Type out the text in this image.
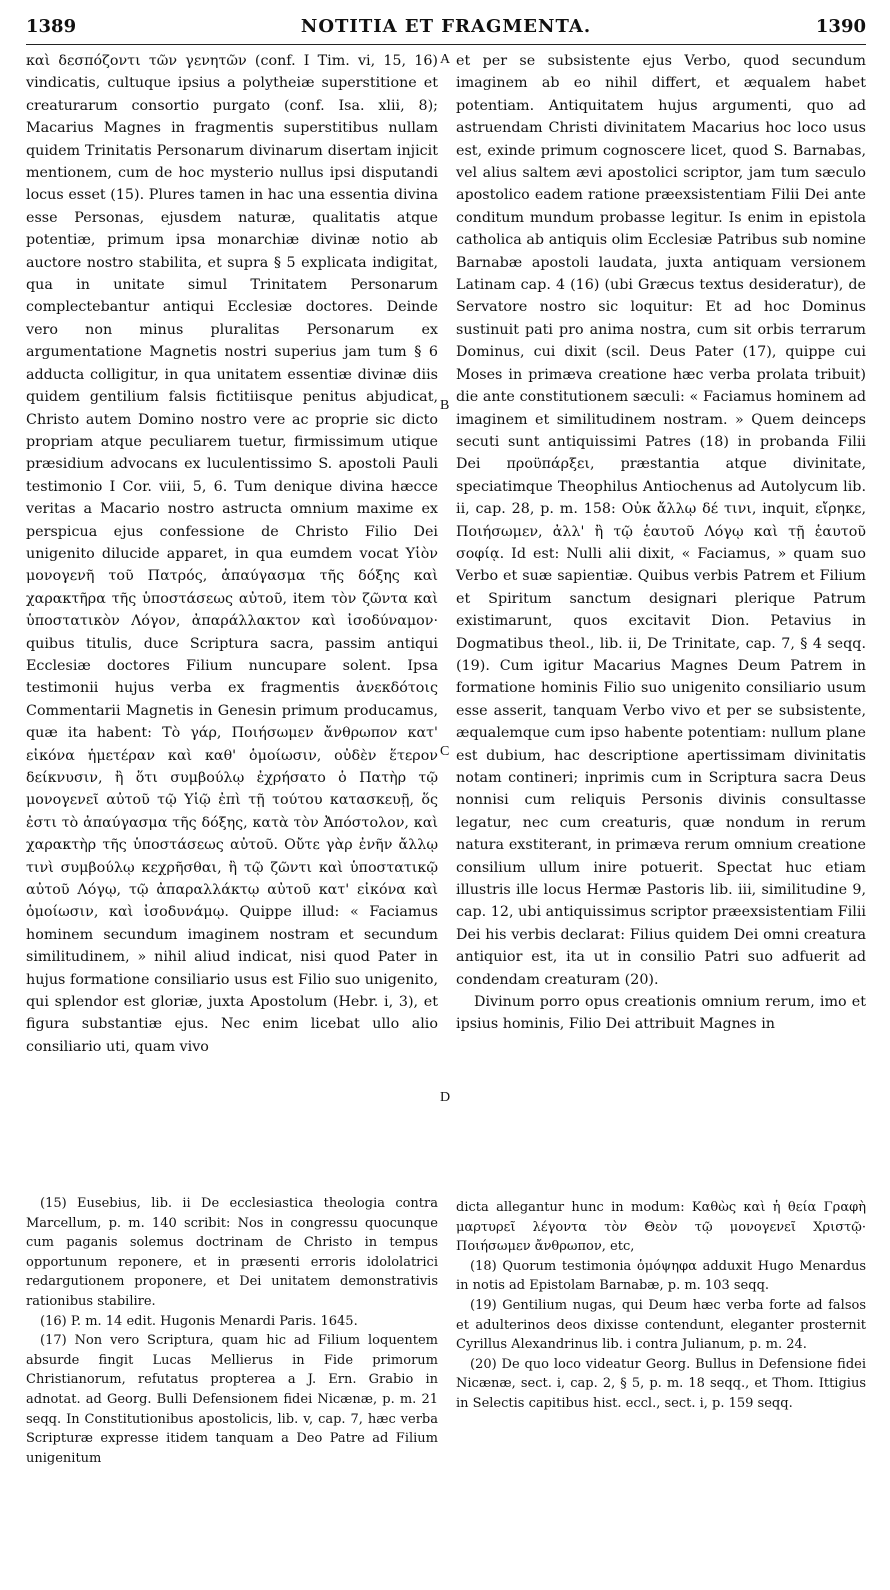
1389	NOTITIA ET FRAGMENTA.	1390

καὶ δεσπόζοντι τῶν γενητῶν (conf. I Tim. vi, 15, 16) vindicatis, cultuque ipsius a polytheiæ superstitione et creaturarum consortio purgato (conf. Isa. xlii, 8); Macarius Magnes in fragmentis superstitibus nullam quidem Trinitatis Personarum divinarum disertam injicit mentionem, cum de hoc mysterio nullus ipsi disputandi locus esset (15). Plures tamen in hac una essentia divina esse Personas, ejusdem naturæ, qualitatis atque potentiæ, primum ipsa monarchiæ divinæ notio ab auctore nostro stabilita, et supra § 5 explicata indigitat, qua in unitate simul Trinitatem Personarum complectebantur antiqui Ecclesiæ doctores. Deinde vero non minus pluralitas Personarum ex argumentatione Magnetis nostri superius jam tum § 6 adducta colligitur, in qua unitatem essentiæ divinæ diis quidem gentilium falsis fictitiisque penitus abjudicat, Christo autem Domino nostro vere ac proprie sic dicto propriam atque peculiarem tuetur, firmissimum utique præsidium advocans ex luculentissimo S. apostoli Pauli testimonio I Cor. viii, 5, 6. Tum denique divina hæcce veritas a Macario nostro astructa omnium maxime ex perspicua ejus confessione de Christo Filio Dei unigenito dilucide apparet, in qua eumdem vocat Υἱὸν μονογενῆ τοῦ Πατρός, ἀπαύγασμα τῆς δόξης καὶ χαρακτῆρα τῆς ὑποστάσεως αὐτοῦ, item τὸν ζῶντα καὶ ὑποστατικὸν Λόγον, ἀπαράλλακτον καὶ ἰσοδύναμον· quibus titulis, duce Scriptura sacra, passim antiqui Ecclesiæ doctores Filium nuncupare solent. Ipsa testimonii hujus verba ex fragmentis ἀνεκδότοις Commentarii Magnetis in Genesin primum producamus, quæ ita habent: Τὸ γάρ, Ποιήσωμεν ἄνθρωπον κατ' εἰκόνα ἡμετέραν καὶ καθ' ὁμοίωσιν, οὐδὲν ἕτερον δείκνυσιν, ἢ ὅτι συμβούλῳ ἐχρήσατο ὁ Πατὴρ τῷ μονογενεῖ αὐτοῦ τῷ Υἱῷ ἐπὶ τῇ τούτου κατασκευῇ, ὅς ἐστι τὸ ἀπαύγασμα τῆς δόξης, κατὰ τὸν Ἀπόστολον, καὶ χαρακτὴρ τῆς ὑποστάσεως αὐτοῦ. Οὔτε γὰρ ἐνῆν ἄλλῳ τινὶ συμβούλῳ κεχρῆσθαι, ἢ τῷ ζῶντι καὶ ὑποστατικῷ αὐτοῦ Λόγῳ, τῷ ἀπαραλλάκτῳ αὐτοῦ κατ' εἰκόνα καὶ ὁμοίωσιν, καὶ ἰσοδυνάμῳ. Quippe illud: « Faciamus hominem secundum imaginem nostram et secundum similitudinem, » nihil aliud indicat, nisi quod Pater in hujus formatione consiliario usus est Filio suo unigenito, qui splendor est gloriæ, juxta Apostolum (Hebr. i, 3), et figura substantiæ ejus. Nec enim licebat ullo alio consiliario uti, quam vivo

A
B
C
D

et per se subsistente ejus Verbo, quod secundum imaginem ab eo nihil differt, et æqualem habet potentiam. Antiquitatem hujus argumenti, quo ad astruendam Christi divinitatem Macarius hoc loco usus est, exinde primum cognoscere licet, quod S. Barnabas, vel alius saltem ævi apostolici scriptor, jam tum sæculo apostolico eadem ratione præexsistentiam Filii Dei ante conditum mundum probasse legitur. Is enim in epistola catholica ab antiquis olim Ecclesiæ Patribus sub nomine Barnabæ apostoli laudata, juxta antiquam versionem Latinam cap. 4 (16) (ubi Græcus textus desideratur), de Servatore nostro sic loquitur: Et ad hoc Dominus sustinuit pati pro anima nostra, cum sit orbis terrarum Dominus, cui dixit (scil. Deus Pater (17), quippe cui Moses in primæva creatione hæc verba prolata tribuit) die ante constitutionem sæculi: « Faciamus hominem ad imaginem et similitudinem nostram. » Quem deinceps secuti sunt antiquissimi Patres (18) in probanda Filii Dei προϋπάρξει, præstantia atque divinitate, speciatimque Theophilus Antiochenus ad Autolycum lib. ii, cap. 28, p. m. 158: Οὐκ ἄλλῳ δέ τινι, inquit, εἴρηκε, Ποιήσωμεν, ἀλλ' ἢ τῷ ἑαυτοῦ Λόγῳ καὶ τῇ ἑαυτοῦ σοφίᾳ. Id est: Nulli alii dixit, « Faciamus, » quam suo Verbo et suæ sapientiæ. Quibus verbis Patrem et Filium et Spiritum sanctum designari plerique Patrum existimarunt, quos excitavit Dion. Petavius in Dogmatibus theol., lib. ii, De Trinitate, cap. 7, § 4 seqq. (19). Cum igitur Macarius Magnes Deum Patrem in formatione hominis Filio suo unigenito consiliario usum esse asserit, tanquam Verbo vivo et per se subsistente, æqualemque cum ipso habente potentiam: nullum plane est dubium, hac descriptione apertissimam divinitatis notam contineri; inprimis cum in Scriptura sacra Deus nonnisi cum reliquis Personis divinis consultasse legatur, nec cum creaturis, quæ nondum in rerum natura exstiterant, in primæva rerum omnium creatione consilium ullum inire potuerit. Spectat huc etiam illustris ille locus Hermæ Pastoris lib. iii, similitudine 9, cap. 12, ubi antiquissimus scriptor præexsistentiam Filii Dei his verbis declarat: Filius quidem Dei omni creatura antiquior est, ita ut in consilio Patri suo adfuerit ad condendam creaturam (20).

Divinum porro opus creationis omnium rerum, imo et ipsius hominis, Filio Dei attribuit Magnes in

(15) Eusebius, lib. ii De ecclesiastica theologia contra Marcellum, p. m. 140 scribit: Nos in congressu quocunque cum paganis solemus doctrinam de Christo in tempus opportunum reponere, et in præsenti erroris idololatrici redargutionem proponere, et Dei unitatem demonstrativis rationibus stabilire.

(16) P. m. 14 edit. Hugonis Menardi Paris. 1645.

(17) Non vero Scriptura, quam hic ad Filium loquentem absurde fingit Lucas Mellierus in Fide primorum Christianorum, refutatus propterea a J. Ern. Grabio in adnotat. ad Georg. Bulli Defensionem fidei Nicænæ, p. m. 21 seqq. In Constitutionibus apostolicis, lib. v, cap. 7, hæc verba Scripturæ expresse itidem tanquam a Deo Patre ad Filium unigenitum

dicta allegantur hunc in modum: Καθὼς καὶ ἡ θεία Γραφὴ μαρτυρεῖ λέγοντα τὸν Θεὸν τῷ μονογενεῖ Χριστῷ· Ποιήσωμεν ἄνθρωπον, etc,

(18) Quorum testimonia ὁμόψηφα adduxit Hugo Menardus in notis ad Epistolam Barnabæ, p. m. 103 seqq.

(19) Gentilium nugas, qui Deum hæc verba forte ad falsos et adulterinos deos dixisse contendunt, eleganter prosternit Cyrillus Alexandrinus lib. i contra Julianum, p. m. 24.

(20) De quo loco videatur Georg. Bullus in Defensione fidei Nicænæ, sect. i, cap. 2, § 5, p. m. 18 seqq., et Thom. Ittigius in Selectis capitibus hist. eccl., sect. i, p. 159 seqq.
